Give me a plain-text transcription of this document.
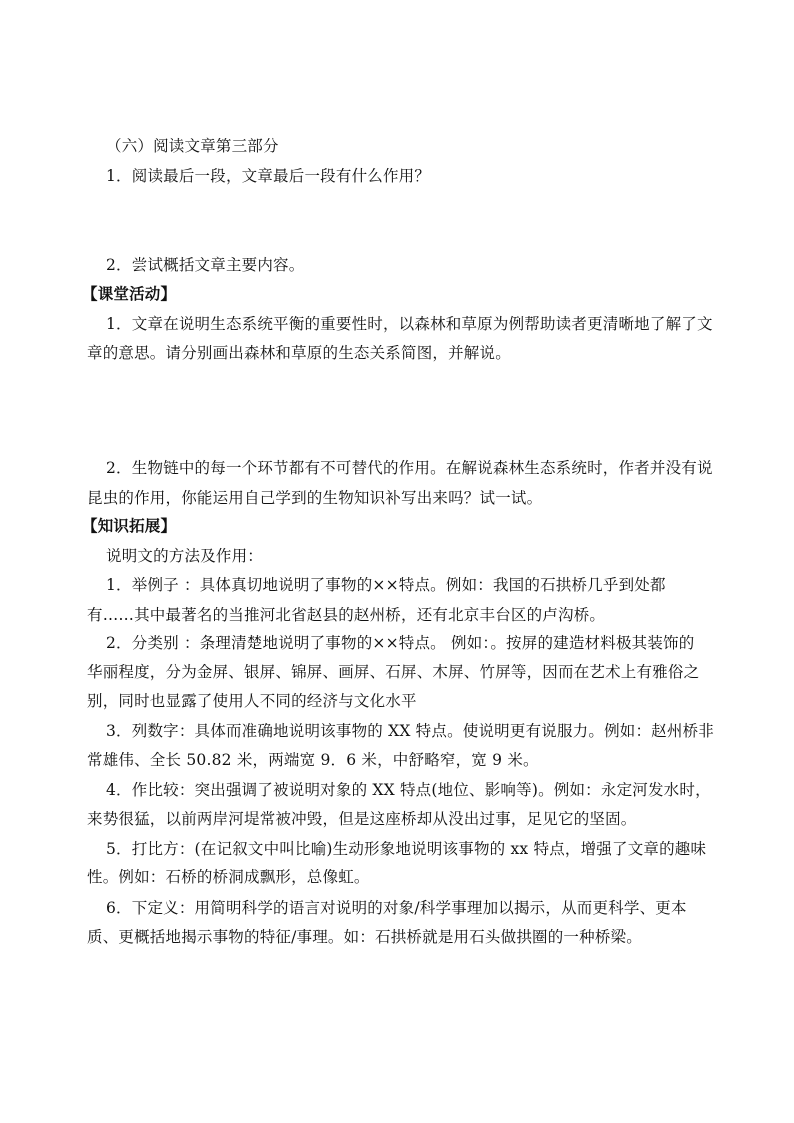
（六）阅读文章第三部分
1．阅读最后一段，文章最后一段有什么作用？
2．尝试概括文章主要内容。
【课堂活动】
1．文章在说明生态系统平衡的重要性时，以森林和草原为例帮助读者更清晰地了解了文
章的意思。请分别画出森林和草原的生态关系简图，并解说。
2．生物链中的每一个环节都有不可替代的作用。在解说森林生态系统时，作者并没有说
昆虫的作用，你能运用自己学到的生物知识补写出来吗？试一试。
【知识拓展】
说明文的方法及作用：
1．举例子 ：具体真切地说明了事物的××特点。例如：我国的石拱桥几乎到处都
有……其中最著名的当推河北省赵县的赵州桥，还有北京丰台区的卢沟桥。
2．分类别 ：条理清楚地说明了事物的××特点。 例如：。按屏的建造材料极其装饰的
华丽程度，分为金屏、银屏、锦屏、画屏、石屏、木屏、竹屏等，因而在艺术上有雅俗之
别，同时也显露了使用人不同的经济与文化水平
3．列数字：具体而准确地说明该事物的 XX 特点。使说明更有说服力。例如：赵州桥非
常雄伟、全长 50.82 米，两端宽 9．6 米，中舒略窄，宽 9 米。
4．作比较：突出强调了被说明对象的 XX 特点(地位、影响等)。例如：永定河发水时，
来势很猛，以前两岸河堤常被冲毁，但是这座桥却从没出过事，足见它的坚固。
5．打比方：(在记叙文中叫比喻)生动形象地说明该事物的 xx 特点，增强了文章的趣味
性。例如：石桥的桥洞成飘形，总像虹。
6．下定义：用简明科学的语言对说明的对象/科学事理加以揭示，从而更科学、更本
质、更概括地揭示事物的特征/事理。如：石拱桥就是用石头做拱圈的一种桥梁。
